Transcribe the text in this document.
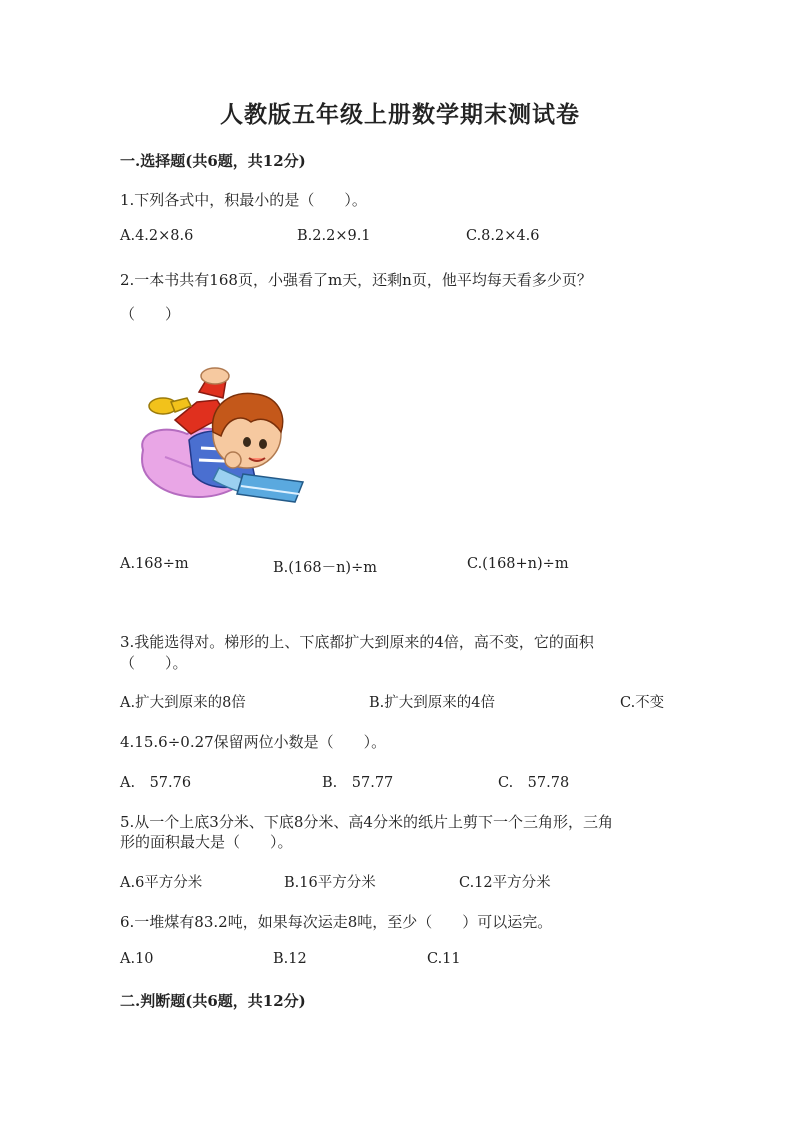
人教版五年级上册数学期末测试卷
一.选择题(共6题，共12分)
1.下列各式中，积最小的是（　　）。
A.4.2×8.6	B.2.2×9.1	C.8.2×4.6
2.一本书共有168页，小强看了m天，还剩n页，他平均每天看多少页？
（　　）
A.168÷m	B.(168－n)÷m	C.(168+n)÷m
3.我能选得对。梯形的上、下底都扩大到原来的4倍，高不变，它的面积
（　　）。
A.扩大到原来的8倍	B.扩大到原来的4倍	C.不变
4.15.6÷0.27保留两位小数是（　　）。
A.　57.76	B.　57.77	C.　57.78
5.从一个上底3分米、下底8分米、高4分米的纸片上剪下一个三角形，三角
形的面积最大是（　　）。
A.6平方分米	B.16平方分米	C.12平方分米
6.一堆煤有83.2吨，如果每次运走8吨，至少（　　）可以运完。
A.10	B.12	C.11
二.判断题(共6题，共12分)
